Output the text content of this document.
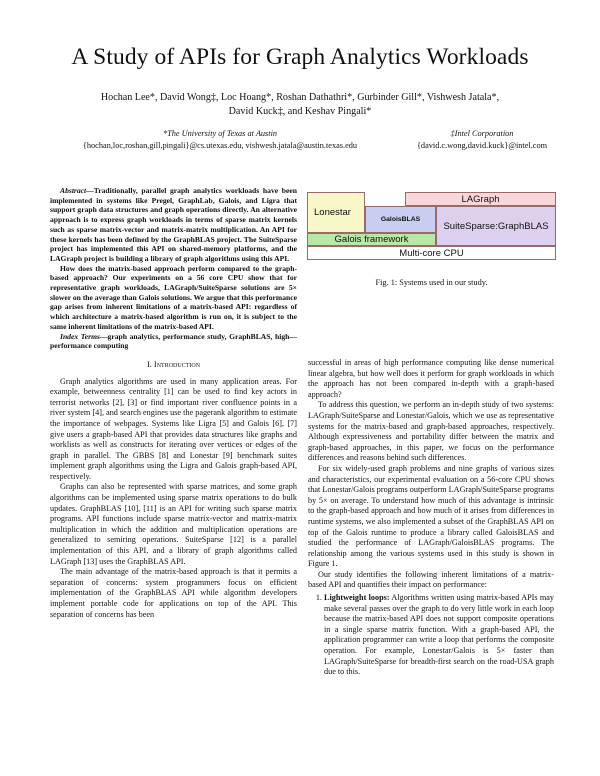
A Study of APIs for Graph Analytics Workloads
Hochan Lee*, David Wong‡, Loc Hoang*, Roshan Dathathri*, Gurbinder Gill*, Vishwesh Jatala*,
David Kuck‡, and Keshav Pingali*
*The University of Texas at Austin
{hochan,loc,roshan,gill,pingali}@cs.utexas.edu, vishwesh.jatala@austin.texas.edu
‡Intel Corporation
{david.c.wong,david.kuck}@intel.com

Abstract—Traditionally, parallel graph analytics workloads have been implemented in systems like Pregel, GraphLab, Galois, and Ligra that support graph data structures and graph operations directly. An alternative approach is to express graph workloads in terms of sparse matrix kernels such as sparse matrix-vector and matrix-matrix multiplication. An API for these kernels has been defined by the GraphBLAS project. The SuiteSparse project has implemented this API on shared-memory platforms, and the LAGraph project is building a library of graph algorithms using this API.

How does the matrix-based approach perform compared to the graph-based approach? Our experiments on a 56 core CPU show that for representative graph workloads, LAGraph/SuiteSparse solutions are 5× slower on the average than Galois solutions. We argue that this performance gap arises from inherent limitations of a matrix-based API: regardless of which architecture a matrix-based algorithm is run on, it is subject to the same inherent limitations of the matrix-based API.

Index Terms—graph analytics, performance study, GraphBLAS, high—performance computing

I. Introduction

Graph analytics algorithms are used in many application areas. For example, betweenness centrality [1] can be used to find key actors in terrorist networks [2], [3] or find important river confluence points in a river system [4], and search engines use the pagerank algorithm to estimate the importance of webpages. Systems like Ligra [5] and Galois [6], [7] give users a graph-based API that provides data structures like graphs and worklists as well as constructs for iterating over vertices or edges of the graph in parallel. The GBBS [8] and Lonestar [9] benchmark suites implement graph algorithms using the Ligra and Galois graph-based API, respectively.

Graphs can also be represented with sparse matrices, and some graph algorithms can be implemented using sparse matrix operations to do bulk updates. GraphBLAS [10], [11] is an API for writing such sparse matrix programs. API functions include sparse matrix-vector and matrix-matrix multiplication in which the addition and multiplication operations are generalized to semiring operations. SuiteSparse [12] is a parallel implementation of this API, and a library of graph algorithms called LAGraph [13] uses the GraphBLAS API.

The main advantage of the matrix-based approach is that it permits a separation of concerns: system programmers focus on efficient implementation of the GraphBLAS API while algorithm developers implement portable code for applications on top of the API. This separation of concerns has been

LAGraph
Lonestar
GaloisBLAS
SuiteSparse:GraphBLAS
Galois framework
Multi-core CPU
Fig. 1: Systems used in our study.

successful in areas of high performance computing like dense numerical linear algebra, but how well does it perform for graph workloads in which the approach has not been compared in-depth with a graph-based approach?

To address this question, we perform an in-depth study of two systems: LAGraph/SuiteSparse and Lonestar/Galois, which we use as representative systems for the matrix-based and graph-based approaches, respectively. Although expressiveness and portability differ between the matrix and graph-based approaches, in this paper, we focus on the performance differences and reasons behind such differences.

For six widely-used graph problems and nine graphs of various sizes and characteristics, our experimental evaluation on a 56-core CPU shows that Lonestar/Galois programs outperform LAGraph/SuiteSparse programs by 5× on average. To understand how much of this advantage is intrinsic to the graph-based approach and how much of it arises from differences in runtime systems, we also implemented a subset of the GraphBLAS API on top of the Galois runtime to produce a library called GaloisBLAS and studied the performance of LAGraph/GaloisBLAS programs. The relationship among the various systems used in this study is shown in Figure 1.

Our study identifies the following inherent limitations of a matrix-based API and quantifies their impact on performance:

1. Lightweight loops: Algorithms written using matrix-based APIs may make several passes over the graph to do very little work in each loop because the matrix-based API does not support composite operations in a single sparse matrix function. With a graph-based API, the application programmer can write a loop that performs the composite operation. For example, Lonestar/Galois is 5× faster than LAGraph/SuiteSparse for breadth-first search on the road-USA graph due to this.
